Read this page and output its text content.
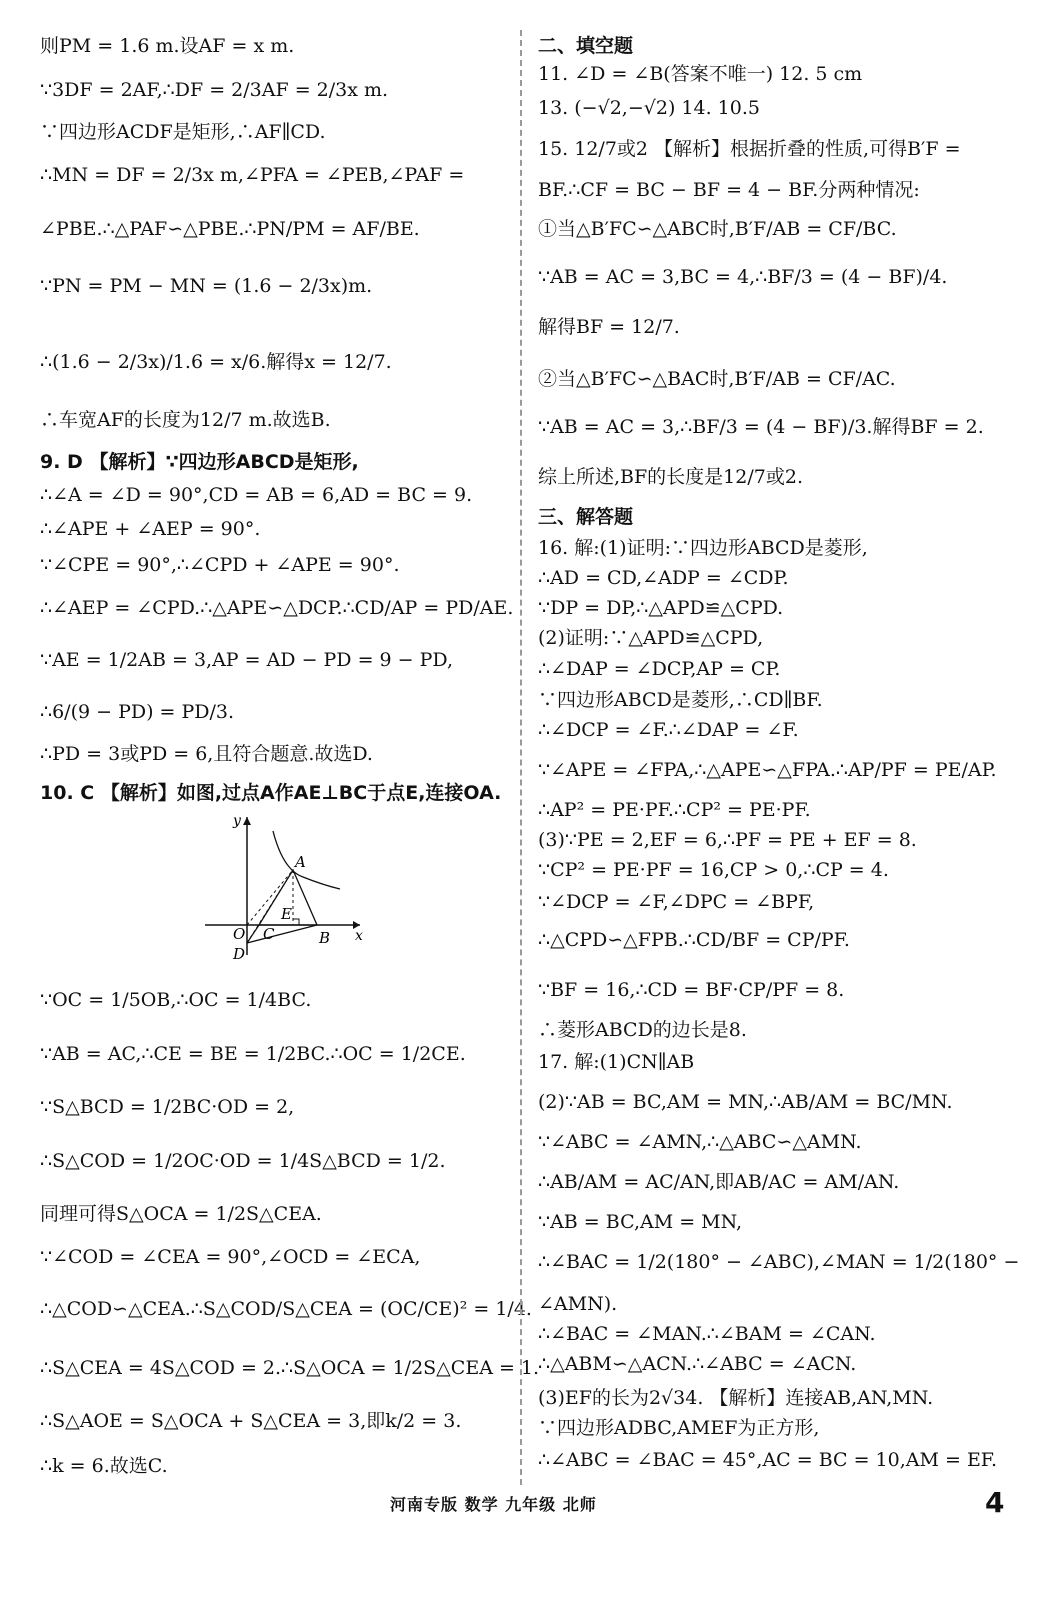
则PM = 1.6 m.设AF = x m.
∵3DF = 2AF,∴DF = 2/3AF = 2/3x m.
∵四边形ACDF是矩形,∴AF∥CD.
∴MN = DF = 2/3x m,∠PFA = ∠PEB,∠PAF =
∠PBE.∴△PAF∽△PBE.∴PN/PM = AF/BE.
∵PN = PM − MN = (1.6 − 2/3x)m.
∴(1.6 − 2/3x)/1.6 = x/6.解得x = 12/7.
∴车宽AF的长度为12/7 m.故选B.
9. D 【解析】∵四边形ABCD是矩形,
∴∠A = ∠D = 90°,CD = AB = 6,AD = BC = 9.
∴∠APE + ∠AEP = 90°.
∵∠CPE = 90°,∴∠CPD + ∠APE = 90°.
∴∠AEP = ∠CPD.∴△APE∽△DCP.∴CD/AP = PD/AE.
∵AE = 1/2AB = 3,AP = AD − PD = 9 − PD,
∴6/(9 − PD) = PD/3.
∴PD = 3或PD = 6,且符合题意.故选D.
10. C 【解析】如图,过点A作AE⊥BC于点E,连接OA.
∵OC = 1/5OB,∴OC = 1/4BC.
∵AB = AC,∴CE = BE = 1/2BC.∴OC = 1/2CE.
∵S△BCD = 1/2BC·OD = 2,
∴S△COD = 1/2OC·OD = 1/4S△BCD = 1/2.
同理可得S△OCA = 1/2S△CEA.
∵∠COD = ∠CEA = 90°,∠OCD = ∠ECA,
∴△COD∽△CEA.∴S△COD/S△CEA = (OC/CE)² = 1/4.
∴S△CEA = 4S△COD = 2.∴S△OCA = 1/2S△CEA = 1.
∴S△AOE = S△OCA + S△CEA = 3,即k/2 = 3.
∴k = 6.故选C.
二、填空题
11. ∠D = ∠B(答案不唯一) 12. 5 cm
13. (−√2,−√2) 14. 10.5
15. 12/7或2 【解析】根据折叠的性质,可得B′F =
BF.∴CF = BC − BF = 4 − BF.分两种情况:
①当△B′FC∽△ABC时,B′F/AB = CF/BC.
∵AB = AC = 3,BC = 4,∴BF/3 = (4 − BF)/4.
解得BF = 12/7.
②当△B′FC∽△BAC时,B′F/AB = CF/AC.
∵AB = AC = 3,∴BF/3 = (4 − BF)/3.解得BF = 2.
综上所述,BF的长度是12/7或2.
三、解答题
16. 解:(1)证明:∵四边形ABCD是菱形,
∴AD = CD,∠ADP = ∠CDP.
∵DP = DP,∴△APD≌△CPD.
(2)证明:∵△APD≌△CPD,
∴∠DAP = ∠DCP,AP = CP.
∵四边形ABCD是菱形,∴CD∥BF.
∴∠DCP = ∠F.∴∠DAP = ∠F.
∵∠APE = ∠FPA,∴△APE∽△FPA.∴AP/PF = PE/AP.
∴AP² = PE·PF.∴CP² = PE·PF.
(3)∵PE = 2,EF = 6,∴PF = PE + EF = 8.
∵CP² = PE·PF = 16,CP > 0,∴CP = 4.
∵∠DCP = ∠F,∠DPC = ∠BPF,
∴△CPD∽△FPB.∴CD/BF = CP/PF.
∵BF = 16,∴CD = BF·CP/PF = 8.
∴菱形ABCD的边长是8.
17. 解:(1)CN∥AB
(2)∵AB = BC,AM = MN,∴AB/AM = BC/MN.
∵∠ABC = ∠AMN,∴△ABC∽△AMN.
∴AB/AM = AC/AN,即AB/AC = AM/AN.
∵AB = BC,AM = MN,
∴∠BAC = 1/2(180° − ∠ABC),∠MAN = 1/2(180° −
∠AMN).
∴∠BAC = ∠MAN.∴∠BAM = ∠CAN.
∴△ABM∽△ACN.∴∠ABC = ∠ACN.
(3)EF的长为2√34. 【解析】连接AB,AN,MN.
∵四边形ADBC,AMEF为正方形,
∴∠ABC = ∠BAC = 45°,AC = BC = 10,AM = EF.
y
x
A
O C
E
B
D
河南专版 数学 九年级 北师	4
